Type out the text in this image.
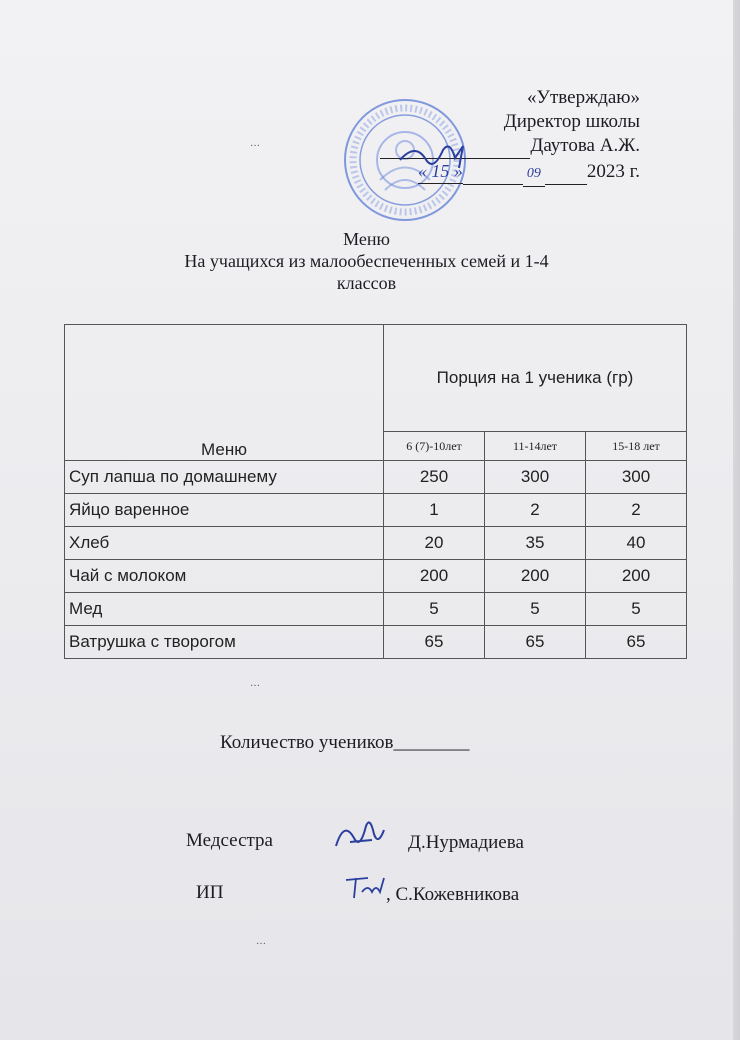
«Утверждаю»
Директор школы
Даутова А.Ж.
« 15 »	09 2023 г.
Меню
На учащихся из малообеспеченных семей и 1-4
классов
Меню	Порция на 1 ученика (гр)		
	6 (7)-10лет	11-14лет	15-18 лет
Суп лапша по домашнему	250	300	300
Яйцо варенное	1	2	2
Хлеб	20	35	40
Чай с молоком	200	200	200
Мед	5	5	5
Ватрушка с творогом	65	65	65
…
…
…
Количество учеников________
Медсестра	Д.Нурмадиева
ИП	, С.Кожевникова
